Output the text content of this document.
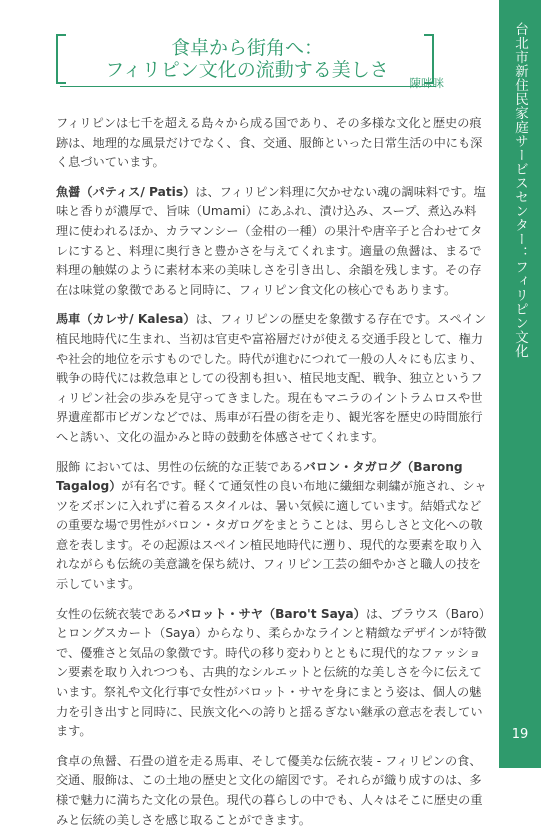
台北市新住民家庭サービスセンター：フィリピン文化
19
食卓から街角へ：
フィリピン文化の流動する美しさ
陳咪咪

フィリピンは七千を超える島々から成る国であり、その多様な文化と歴史の痕跡は、地理的な風景だけでなく、食、交通、服飾といった日常生活の中にも深く息づいています。

魚醤（パティス/ Patis）は、フィリピン料理に欠かせない魂の調味料です。塩味と香りが濃厚で、旨味（Umami）にあふれ、漬け込み、スープ、煮込み料理に使われるほか、カラマンシー（金柑の一種）の果汁や唐辛子と合わせてタレにすると、料理に奥行きと豊かさを与えてくれます。適量の魚醤は、まるで料理の触媒のように素材本来の美味しさを引き出し、余韻を残します。その存在は味覚の象徴であると同時に、フィリピン食文化の核心でもあります。

馬車（カレサ/ Kalesa）は、フィリピンの歴史を象徴する存在です。スペイン植民地時代に生まれ、当初は官吏や富裕層だけが使える交通手段として、権力や社会的地位を示すものでした。時代が進むにつれて一般の人々にも広まり、戦争の時代には救急車としての役割も担い、植民地支配、戦争、独立というフィリピン社会の歩みを見守ってきました。現在もマニラのイントラムロスや世界遺産都市ビガンなどでは、馬車が石畳の街を走り、観光客を歴史の時間旅行へと誘い、文化の温かみと時の鼓動を体感させてくれます。

服飾 においては、男性の伝統的な正装であるバロン・タガログ（Barong Tagalog）が有名です。軽くて通気性の良い布地に繊細な刺繍が施され、シャツをズボンに入れずに着るスタイルは、暑い気候に適しています。結婚式などの重要な場で男性がバロン・タガログをまとうことは、男らしさと文化への敬意を表します。その起源はスペイン植民地時代に遡り、現代的な要素を取り入れながらも伝統の美意識を保ち続け、フィリピン工芸の細やかさと職人の技を示しています。

女性の伝統衣装であるバロット・サヤ（Baro't Saya）は、ブラウス（Baro）とロングスカート（Saya）からなり、柔らかなラインと精緻なデザインが特徴で、優雅さと気品の象徴です。時代の移り変わりとともに現代的なファッション要素を取り入れつつも、古典的なシルエットと伝統的な美しさを今に伝えています。祭礼や文化行事で女性がバロット・サヤを身にまとう姿は、個人の魅力を引き出すと同時に、民族文化への誇りと揺るぎない継承の意志を表しています。

食卓の魚醤、石畳の道を走る馬車、そして優美な伝統衣装 - フィリピンの食、交通、服飾は、この土地の歴史と文化の縮図です。それらが織り成すのは、多様で魅力に満ちた文化の景色。現代の暮らしの中でも、人々はそこに歴史の重みと伝統の美しさを感じ取ることができます。
